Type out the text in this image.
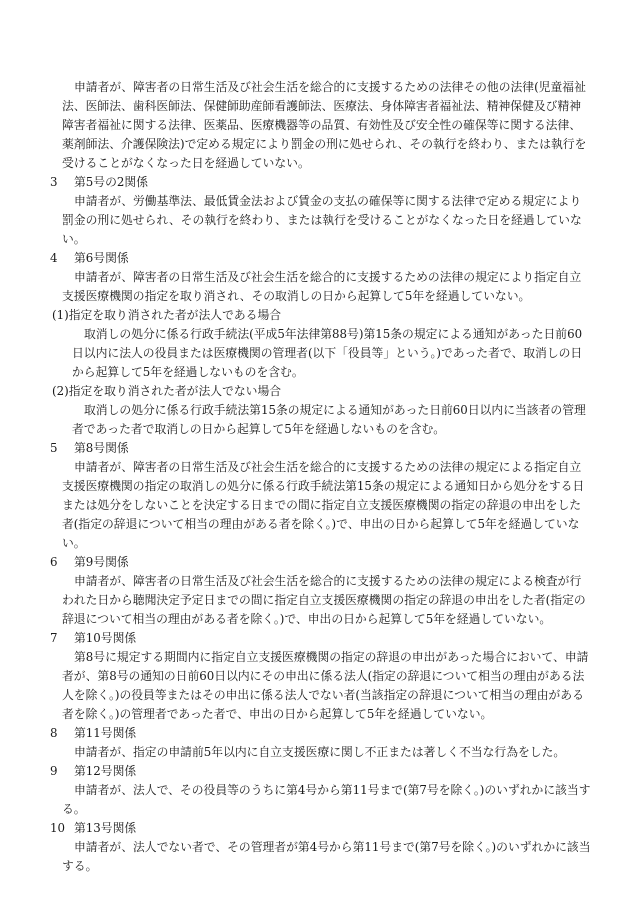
申請者が、障害者の日常生活及び社会生活を総合的に支援するための法律その他の法律(児童福祉法、医師法、歯科医師法、保健師助産師看護師法、医療法、身体障害者福祉法、精神保健及び精神障害者福祉に関する法律、医薬品、医療機器等の品質、有効性及び安全性の確保等に関する法律、薬剤師法、介護保険法)で定める規定により罰金の刑に処せられ、その執行を終わり、または執行を受けることがなくなった日を経過していない。

3 第5号の2関係

申請者が、労働基準法、最低賃金法および賃金の支払の確保等に関する法律で定める規定により罰金の刑に処せられ、その執行を終わり、または執行を受けることがなくなった日を経過していない。

4 第6号関係

申請者が、障害者の日常生活及び社会生活を総合的に支援するための法律の規定により指定自立支援医療機関の指定を取り消され、その取消しの日から起算して5年を経過していない。

(1)指定を取り消された者が法人である場合

取消しの処分に係る行政手続法(平成5年法律第88号)第15条の規定による通知があった日前60日以内に法人の役員または医療機関の管理者(以下「役員等」という。)であった者で、取消しの日から起算して5年を経過しないものを含む。

(2)指定を取り消された者が法人でない場合

取消しの処分に係る行政手続法第15条の規定による通知があった日前60日以内に当該者の管理者であった者で取消しの日から起算して5年を経過しないものを含む。

5 第8号関係

申請者が、障害者の日常生活及び社会生活を総合的に支援するための法律の規定による指定自立支援医療機関の指定の取消しの処分に係る行政手続法第15条の規定による通知日から処分をする日または処分をしないことを決定する日までの間に指定自立支援医療機関の指定の辞退の申出をした者(指定の辞退について相当の理由がある者を除く。)で、申出の日から起算して5年を経過していない。

6 第9号関係

申請者が、障害者の日常生活及び社会生活を総合的に支援するための法律の規定による検査が行われた日から聴聞決定予定日までの間に指定自立支援医療機関の指定の辞退の申出をした者(指定の辞退について相当の理由がある者を除く。)で、申出の日から起算して5年を経過していない。

7 第10号関係

第8号に規定する期間内に指定自立支援医療機関の指定の辞退の申出があった場合において、申請者が、第8号の通知の日前60日以内にその申出に係る法人(指定の辞退について相当の理由がある法人を除く。)の役員等またはその申出に係る法人でない者(当該指定の辞退について相当の理由がある者を除く。)の管理者であった者で、申出の日から起算して5年を経過していない。

8 第11号関係

申請者が、指定の申請前5年以内に自立支援医療に関し不正または著しく不当な行為をした。

9 第12号関係

申請者が、法人で、その役員等のうちに第4号から第11号まで(第7号を除く。)のいずれかに該当する。

10 第13号関係

申請者が、法人でない者で、その管理者が第4号から第11号まで(第7号を除く。)のいずれかに該当する。
